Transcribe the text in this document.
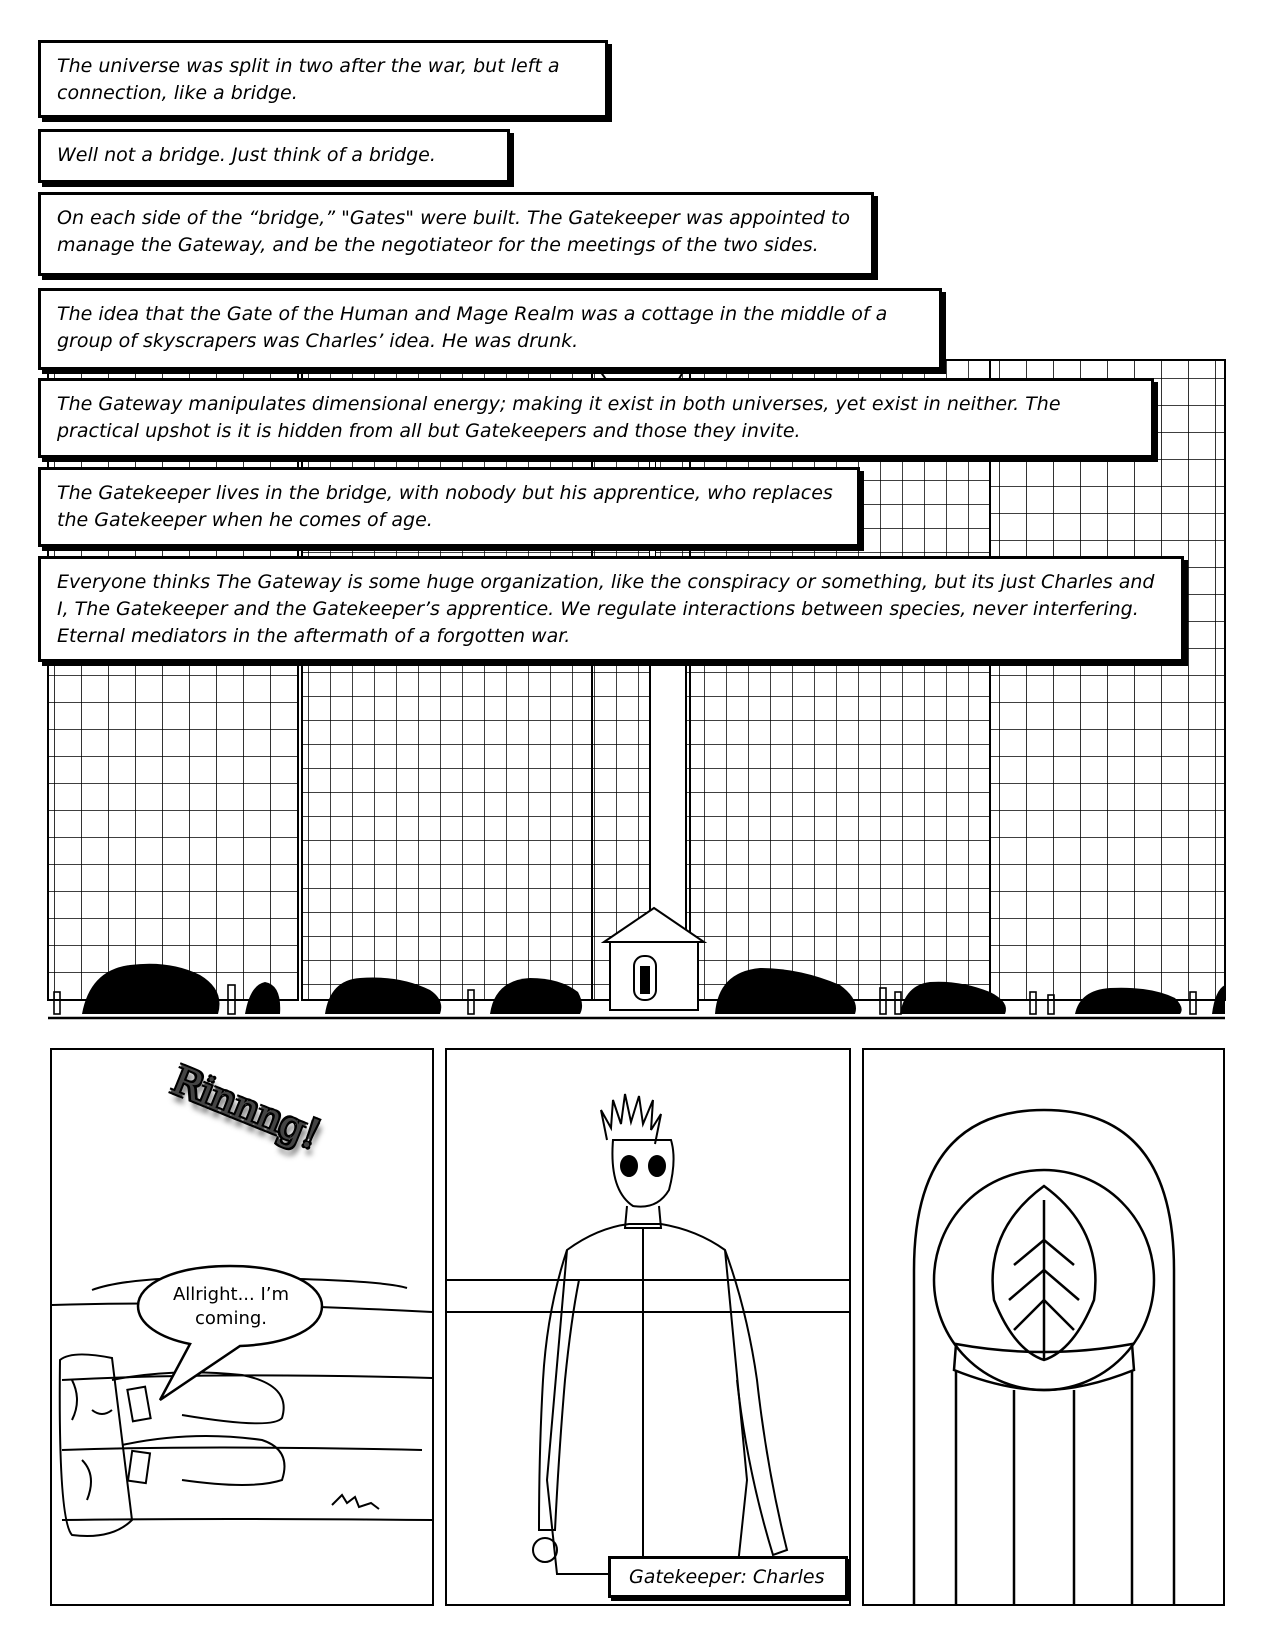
The universe was split in two after the war, but left a connection, like a bridge.
Well not a bridge. Just think of a bridge.
On each side of the “bridge,” "Gates" were built. The Gatekeeper was appointed to manage the Gateway, and be the negotiateor for the meetings of the two sides.
The idea that the Gate of the Human and Mage Realm was a cottage in the middle of a group of skyscrapers was Charles’ idea. He was drunk.
The Gateway manipulates dimensional energy; making it exist in both universes, yet exist in neither. The practical upshot is it is hidden from all but Gatekeepers and those they invite.
The Gatekeeper lives in the bridge, with nobody but his apprentice, who replaces the Gatekeeper when he comes of age.
Everyone thinks The Gateway is some huge organization, like the conspiracy or something, but its just Charles and I, The Gatekeeper and the Gatekeeper’s apprentice. We regulate interactions between species, never interfering. Eternal mediators in the aftermath of a forgotten war.
Rinnng!
Allright... I’m
coming.
Gatekeeper: Charles
